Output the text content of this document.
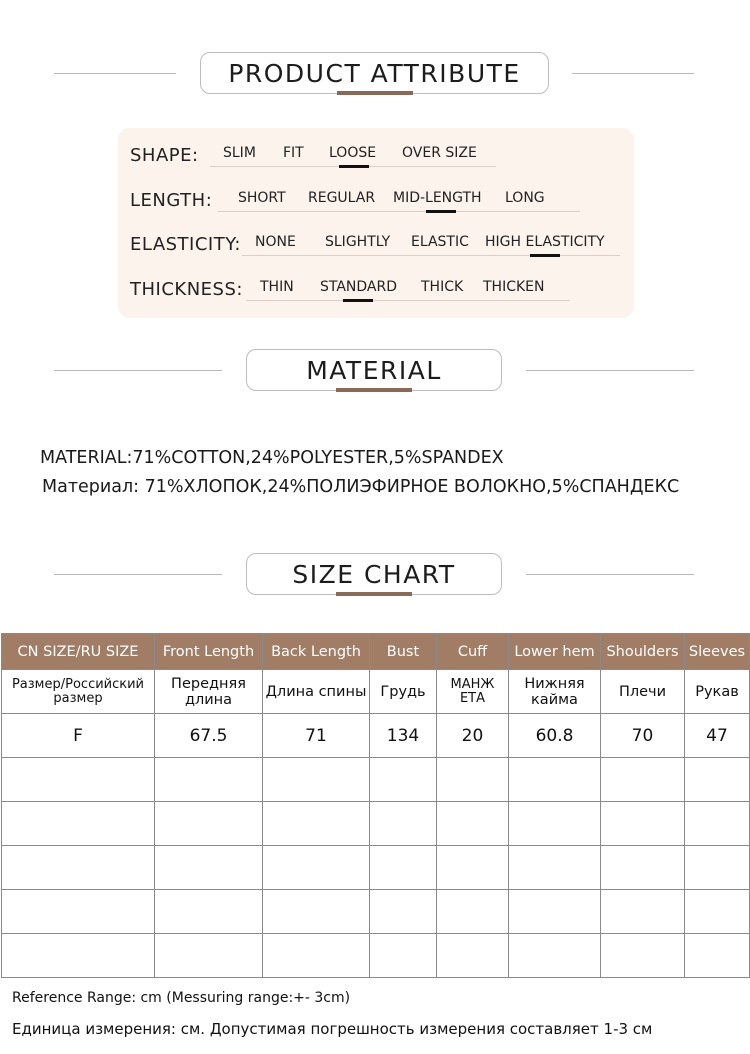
PRODUCT ATTRIBUTE
SHAPE: SLIM FIT LOOSE OVER SIZE
LENGTH: SHORT REGULAR MID-LENGTH LONG
ELASTICITY: NONE SLIGHTLY ELASTIC HIGH ELASTICITY
THICKNESS: THIN STANDARD THICK THICKEN
MATERIAL
MATERIAL:71%COTTON,24%POLYESTER,5%SPANDEX
Материал: 71%ХЛОПОК,24%ПОЛИЭФИРНОЕ ВОЛОКНО,5%СПАНДЕКС
SIZE CHART
CN SIZE/RU SIZE	Front Length	Back Length	Bust	Cuff	Lower hem	Shoulders	Sleeves
Размер/Российский размер	Передняя длина	Длина спины	Грудь	МАНЖ ЕТА	Нижняя кайма	Плечи	Рукав
F	67.5	71	134	20	60.8	70	47

Reference Range: cm (Messuring range:+- 3cm)
Единица измерения: см. Допустимая погрешность измерения составляет 1-3 см
